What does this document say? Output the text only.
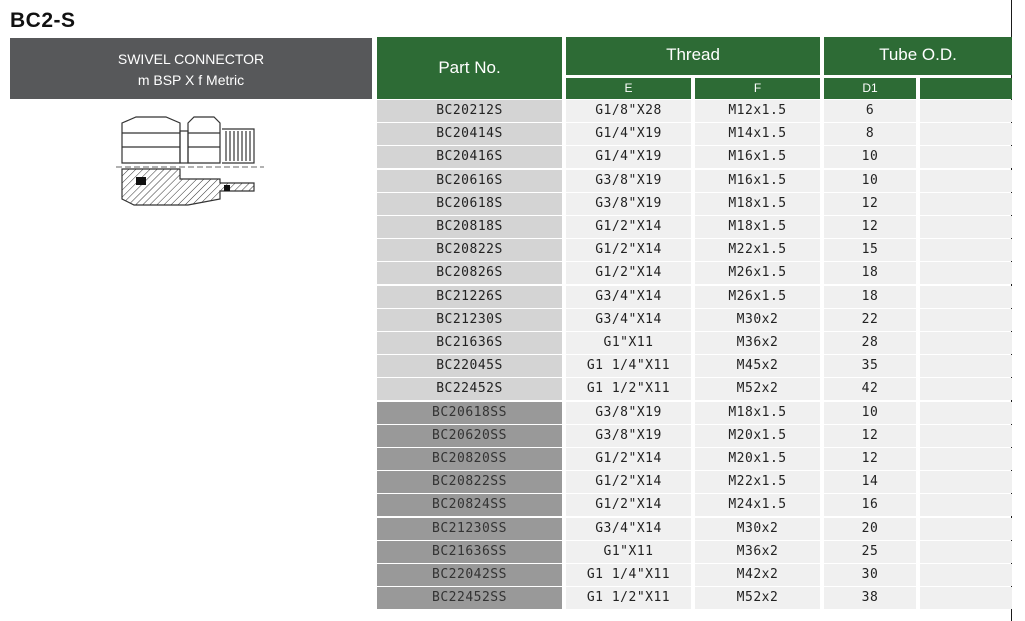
BC2-S
SWIVEL CONNECTOR
m BSP X f Metric
Part No.
Thread	Tube O.D.
E	F	D1
BC20212S	G1/8"X28	M12x1.5	6
BC20414S	G1/4"X19	M14x1.5	8
BC20416S	G1/4"X19	M16x1.5	10
BC20616S	G3/8"X19	M16x1.5	10
BC20618S	G3/8"X19	M18x1.5	12
BC20818S	G1/2"X14	M18x1.5	12
BC20822S	G1/2"X14	M22x1.5	15
BC20826S	G1/2"X14	M26x1.5	18
BC21226S	G3/4"X14	M26x1.5	18
BC21230S	G3/4"X14	M30x2	22
BC21636S	G1"X11	M36x2	28
BC22045S	G1 1/4"X11	M45x2	35
BC22452S	G1 1/2"X11	M52x2	42
BC20618SS	G3/8"X19	M18x1.5	10
BC20620SS	G3/8"X19	M20x1.5	12
BC20820SS	G1/2"X14	M20x1.5	12
BC20822SS	G1/2"X14	M22x1.5	14
BC20824SS	G1/2"X14	M24x1.5	16
BC21230SS	G3/4"X14	M30x2	20
BC21636SS	G1"X11	M36x2	25
BC22042SS	G1 1/4"X11	M42x2	30
BC22452SS	G1 1/2"X11	M52x2	38
